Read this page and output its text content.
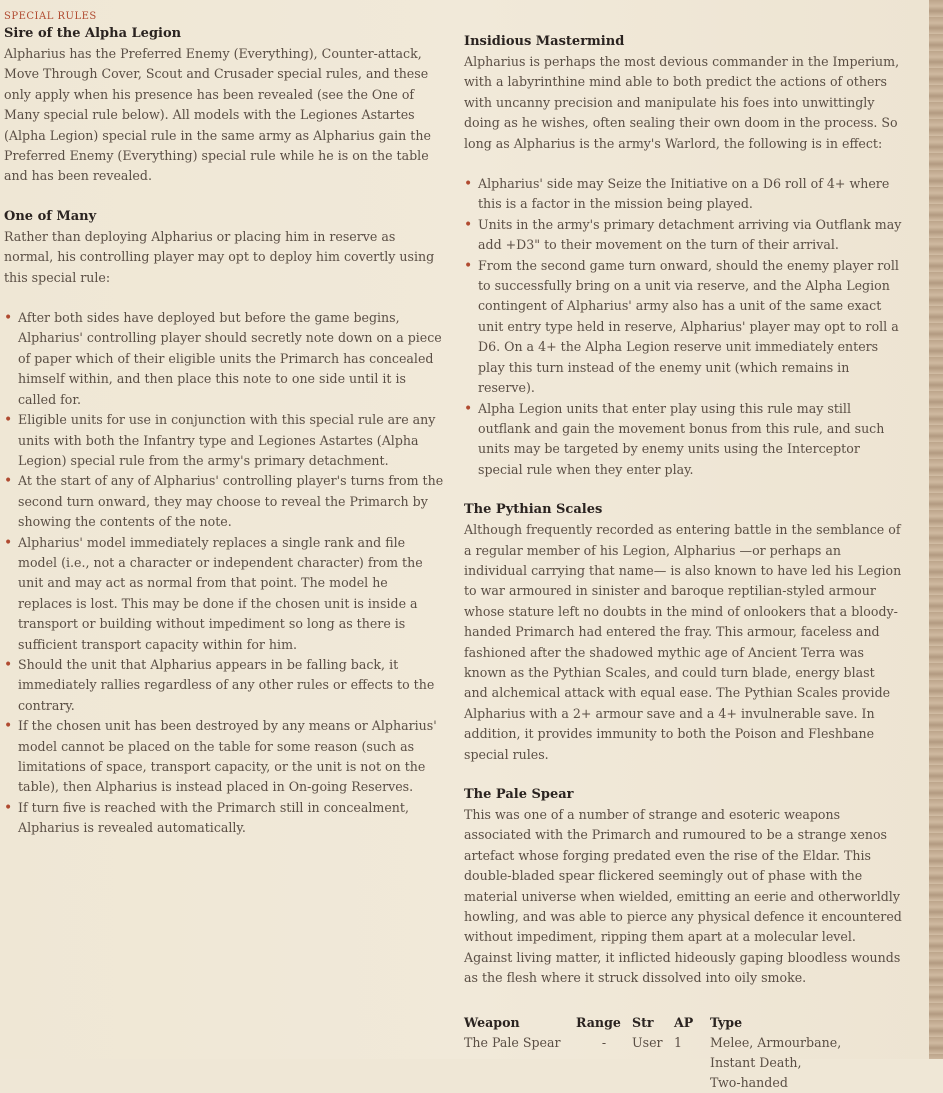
SPECIAL RULES
Sire of the Alpha Legion

Alpharius has the Preferred Enemy (Everything), Counter-attack, Move Through Cover, Scout and Crusader special rules, and these only apply when his presence has been revealed (see the One of Many special rule below). All models with the Legiones Astartes (Alpha Legion) special rule in the same army as Alpharius gain the Preferred Enemy (Everything) special rule while he is on the table and has been revealed.

One of Many

Rather than deploying Alpharius or placing him in reserve as normal, his controlling player may opt to deploy him covertly using this special rule:

• After both sides have deployed but before the game begins, Alpharius' controlling player should secretly note down on a piece of paper which of their eligible units the Primarch has concealed himself within, and then place this note to one side until it is called for.
• Eligible units for use in conjunction with this special rule are any units with both the Infantry type and Legiones Astartes (Alpha Legion) special rule from the army's primary detachment.
• At the start of any of Alpharius' controlling player's turns from the second turn onward, they may choose to reveal the Primarch by showing the contents of the note.
• Alpharius' model immediately replaces a single rank and file model (i.e., not a character or independent character) from the unit and may act as normal from that point. The model he replaces is lost. This may be done if the chosen unit is inside a transport or building without impediment so long as there is sufficient transport capacity within for him.
• Should the unit that Alpharius appears in be falling back, it immediately rallies regardless of any other rules or effects to the contrary.
• If the chosen unit has been destroyed by any means or Alpharius' model cannot be placed on the table for some reason (such as limitations of space, transport capacity, or the unit is not on the table), then Alpharius is instead placed in On-going Reserves.
• If turn five is reached with the Primarch still in concealment, Alpharius is revealed automatically.
Insidious Mastermind

Alpharius is perhaps the most devious commander in the Imperium, with a labyrinthine mind able to both predict the actions of others with uncanny precision and manipulate his foes into unwittingly doing as he wishes, often sealing their own doom in the process. So long as Alpharius is the army's Warlord, the following is in effect:

• Alpharius' side may Seize the Initiative on a D6 roll of 4+ where this is a factor in the mission being played.
• Units in the army's primary detachment arriving via Outflank may add +D3" to their movement on the turn of their arrival.
• From the second game turn onward, should the enemy player roll to successfully bring on a unit via reserve, and the Alpha Legion contingent of Alpharius' army also has a unit of the same exact unit entry type held in reserve, Alpharius' player may opt to roll a D6. On a 4+ the Alpha Legion reserve unit immediately enters play this turn instead of the enemy unit (which remains in reserve).
• Alpha Legion units that enter play using this rule may still outflank and gain the movement bonus from this rule, and such units may be targeted by enemy units using the Interceptor special rule when they enter play.
The Pythian Scales

Although frequently recorded as entering battle in the semblance of a regular member of his Legion, Alpharius —or perhaps an individual carrying that name— is also known to have led his Legion to war armoured in sinister and baroque reptilian-styled armour whose stature left no doubts in the mind of onlookers that a bloody-handed Primarch had entered the fray. This armour, faceless and fashioned after the shadowed mythic age of Ancient Terra was known as the Pythian Scales, and could turn blade, energy blast and alchemical attack with equal ease. The Pythian Scales provide Alpharius with a 2+ armour save and a 4+ invulnerable save. In addition, it provides immunity to both the Poison and Fleshbane special rules.

The Pale Spear

This was one of a number of strange and esoteric weapons associated with the Primarch and rumoured to be a strange xenos artefact whose forging predated even the rise of the Eldar. This double-bladed spear flickered seemingly out of phase with the material universe when wielded, emitting an eerie and otherworldly howling, and was able to pierce any physical defence it encountered without impediment, ripping them apart at a molecular level. Against living matter, it inflicted hideously gaping bloodless wounds as the flesh where it struck dissolved into oily smoke.

Weapon	Range	Str	AP	Type
The Pale Spear	-	User	1	Melee, Armourbane,
Instant Death,
Two-handed
